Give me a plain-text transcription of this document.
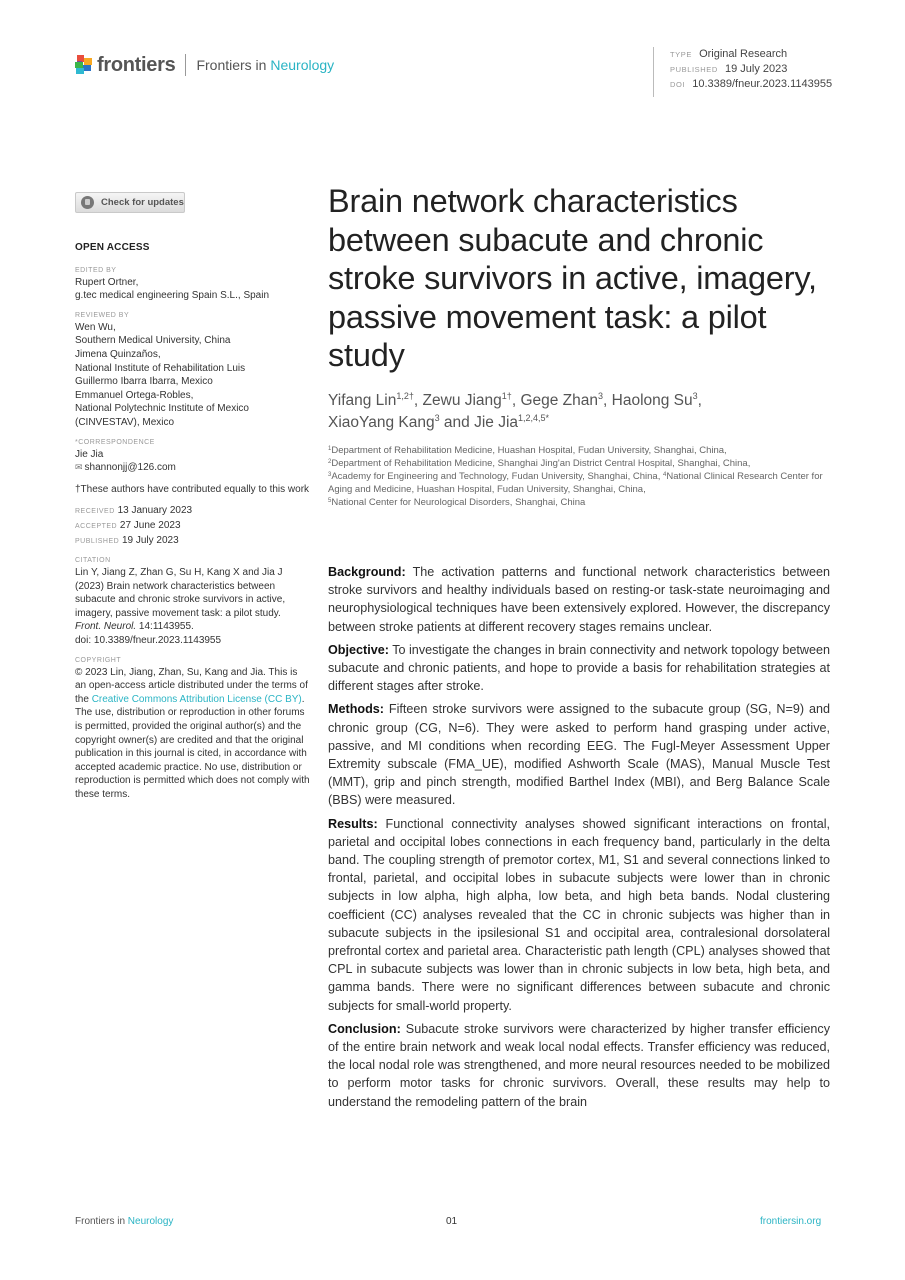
frontiers Frontiers in Neurology
TYPE Original Research
PUBLISHED 19 July 2023
DOI 10.3389/fneur.2023.1143955
Check for updates
OPEN ACCESS
EDITED BY
Rupert Ortner,
g.tec medical engineering Spain S.L., Spain
REVIEWED BY
Wen Wu,
Southern Medical University, China
Jimena Quinzaños,
National Institute of Rehabilitation Luis
Guillermo Ibarra Ibarra, Mexico
Emmanuel Ortega-Robles,
National Polytechnic Institute of Mexico
(CINVESTAV), Mexico
*CORRESPONDENCE
Jie Jia
✉ shannonjj@126.com
†These authors have contributed equally to this work
RECEIVED 13 January 2023
ACCEPTED 27 June 2023
PUBLISHED 19 July 2023
CITATION
Lin Y, Jiang Z, Zhan G, Su H, Kang X and Jia J (2023) Brain network characteristics between subacute and chronic stroke survivors in active, imagery, passive movement task: a pilot study.
Front. Neurol. 14:1143955.
doi: 10.3389/fneur.2023.1143955
COPYRIGHT
© 2023 Lin, Jiang, Zhan, Su, Kang and Jia. This is an open-access article distributed under the terms of the Creative Commons Attribution License (CC BY). The use, distribution or reproduction in other forums is permitted, provided the original author(s) and the copyright owner(s) are credited and that the original publication in this journal is cited, in accordance with accepted academic practice. No use, distribution or reproduction is permitted which does not comply with these terms.
Brain network characteristics between subacute and chronic stroke survivors in active, imagery, passive movement task: a pilot study
Yifang Lin$^{1,2\dagger}$, Zewu Jiang$^{1\dagger}$, Gege Zhan$^3$, Haolong Su$^3$,
XiaoYang Kang$^3$ and Jie Jia$^{1,2,4,5*}$
$^1$Department of Rehabilitation Medicine, Huashan Hospital, Fudan University, Shanghai, China,
$^2$Department of Rehabilitation Medicine, Shanghai Jing'an District Central Hospital, Shanghai, China,
$^3$Academy for Engineering and Technology, Fudan University, Shanghai, China, $^4$National Clinical Research Center for Aging and Medicine, Huashan Hospital, Fudan University, Shanghai, China,
$^5$National Center for Neurological Disorders, Shanghai, China

Background: The activation patterns and functional network characteristics between stroke survivors and healthy individuals based on resting-or task-state neuroimaging and neurophysiological techniques have been extensively explored. However, the discrepancy between stroke patients at different recovery stages remains unclear.

Objective: To investigate the changes in brain connectivity and network topology between subacute and chronic patients, and hope to provide a basis for rehabilitation strategies at different stages after stroke.

Methods: Fifteen stroke survivors were assigned to the subacute group (SG, N=9) and chronic group (CG, N=6). They were asked to perform hand grasping under active, passive, and MI conditions when recording EEG. The Fugl-Meyer Assessment Upper Extremity subscale (FMA_UE), modified Ashworth Scale (MAS), Manual Muscle Test (MMT), grip and pinch strength, modified Barthel Index (MBI), and Berg Balance Scale (BBS) were measured.

Results: Functional connectivity analyses showed significant interactions on frontal, parietal and occipital lobes connections in each frequency band, particularly in the delta band. The coupling strength of premotor cortex, M1, S1 and several connections linked to frontal, parietal, and occipital lobes in subacute subjects were lower than in chronic subjects in low alpha, high alpha, low beta, and high beta bands. Nodal clustering coefficient (CC) analyses revealed that the CC in chronic subjects was higher than in subacute subjects in the ipsilesional S1 and occipital area, contralesional dorsolateral prefrontal cortex and parietal area. Characteristic path length (CPL) analyses showed that CPL in subacute subjects was lower than in chronic subjects in low beta, high beta, and gamma bands. There were no significant differences between subacute and chronic subjects for small-world property.

Conclusion: Subacute stroke survivors were characterized by higher transfer efficiency of the entire brain network and weak local nodal effects. Transfer efficiency was reduced, the local nodal role was strengthened, and more neural resources needed to be mobilized to perform motor tasks for chronic survivors. Overall, these results may help to understand the remodeling pattern of the brain

Frontiers in Neurology	01	frontiersin.org
